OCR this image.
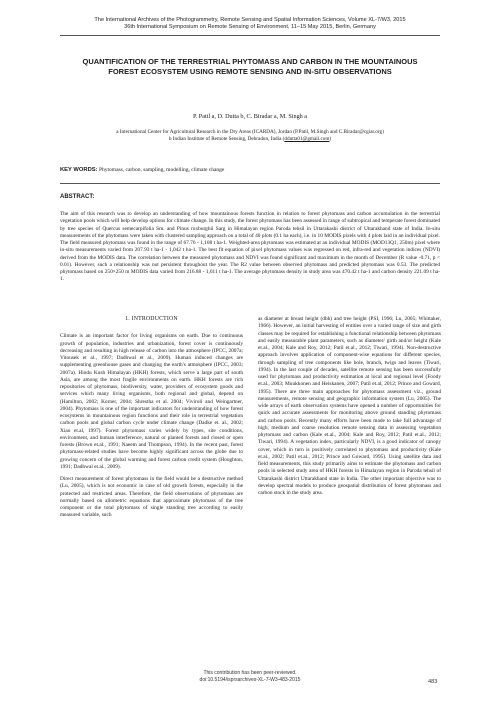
The International Archives of the Photogrammetry, Remote Sensing and Spatial Information Sciences, Volume XL-7/W3, 2015
36th International Symposium on Remote Sensing of Environment, 11–15 May 2015, Berlin, Germany
QUANTIFICATION OF THE TERRESTRIAL PHYTOMASS AND CARBON IN THE MOUNTAINOUS FOREST ECOSYSTEM USING REMOTE SENSING AND IN-SITU OBSERVATIONS
P. Patil a, D. Dutta b, C. Biradar a, M. Singh a
a International Center for Agricultural Research in the Dry Areas (ICARDA), Jordan (P.Patil, M.Singh and C.Biradar@cgiar.org)
b Indian Institute of Remote Sensing, Dehradun, India (ddutta01@gmail.com)
KEY WORDS: Phytomass, carbon, sampling, modelling, climate change
ABSTRACT:
The aim of this research was to develop an understanding of how mountainous forests function in relation to forest phytomass and carbon accumulation in the terrestrial vegetation pools which will help develop options for climate change. In this study, the forest phytomass has been assessed in range of subtropical and temperate forest dominated by tree species of Quercus semecarpifolia Sm. and Pinus roxburghii Sarg in Himalayan region Paroda tehsil in Uttarakashi district of Uttarakhand state of India. In-situ measurements of the phytomass were taken with clustered sampling approach on a total of 40 plots (0.1 ha each), i.e. in 10 MODIS pixels with 4 plots laid in an individual pixel. The field measured phytomass was found in the range of 67.76 - 1,108 t ha-1. Weighted-area phytomass was estimated at an individual MODIS (MOD13Q1, 250m) pixel where in-situ measurements varied from 207.93 t ha-1 - 1,042 t ha-1. The best fit equation of pixel phytomass values was regressed on red, infra-red and vegetation indices (NDVI) derived from the MODIS data. The correlation between the measured phytomass and NDVI was found significant and maximum in the month of December (R value -0.71, p < 0.01). However, such a relationship was not persistent throughout the year. The R2 value between observed phytomass and predicted phytomass was 0.53. The predicted phytomass based on 250×250 m MODIS data varied from 216.88 - 1,011 t ha-1. The average phytomass density in study area was 470.42 t ha-1 and carbon density 221.09 t ha-1.
1. INTRODUCTION

Climate is an important factor for living organisms on earth. Due to continuous growth of population, industries and urbanization, forest cover is continuously decreasing and resulting in high release of carbon into the atmosphere (IPCC, 2007a; Vitousek et al., 1997; Dadhwal et al., 2009). Human induced changes are supplementing greenhouse gases and changing the earth's atmosphere (IPCC, 2003; 2007a). Hindu Kush Himalayan (HKH) forests, which serve a large part of south Asia, are among the most fragile environments on earth. HKH forests are rich repositories of phytomass, biodiversity, water, providers of ecosystem goods and services which many living organisms, both regional and global, depend on (Hamilton, 2002; Korner, 2004; Shrestha et al. 2004; Viviroli and Weingartner, 2004). Phytomass is one of the important indicators for understanding of how forest ecosystems in mountainous region functions and their role in terrestrial vegetation carbon pools and global carbon cycle under climate change (Dadke et. al., 2002; Xiao et.al, 1997). Forest phytomass varies widely by types, site conditions, environment, and human interference, natural or planted forests and closed or open forests (Brown et.al., 1991; Naeem and Thompson, 1994). In the recent past, forest phytomass-related studies have become highly significant across the globe due to growing concern of the global warming and forest carbon credit system (Houghton, 1991; Dadhwal et.al., 2009).

Direct measurement of forest phytomass in the field would be a destructive method (Lu, 2005), which is not economic in case of old growth forests, especially in the protected and restricted areas. Therefore, the field observations of phytomass are normally based on allometric equations that approximate phytomass of the tree component or the total phytomass of single standing tree according to easily measured variable, such

as diameter at breast height (dbh) and tree height (PSI, 1996; Lu, 2005; Whittaker, 1966). However, an initial harvesting of entities over a varied range of size and girth classes may be required for establishing a functional relationship between phytomass and easily measurable plant parameters, such as diameter/ girth and/or height (Kale et.al., 2004; Kale and Roy, 2012; Patil et.al., 2012; Tiwari, 1994). Non-destructive approach involves application of component-wise equations for different species, through sampling of tree components like bole, branch, twigs and leaves (Tiwari, 1994). In the last couple of decades, satellite remote sensing has been successfully used for phytomass and productivity estimation at local and regional level (Foody et.al., 2003; Muukkonen and Heiskanen, 2007; Patil et.al, 2012; Prince and Goward, 1995). There are three main approaches for phytomass assessment viz., ground measurements, remote sensing and geographic information system (Lu, 2005). The wide arrays of earth observation systems have opened a number of opportunities for quick and accurate assessments for monitoring above ground standing phytomass and carbon pools. Recently many efforts have been made to take full advantage of high, medium and coarse resolution remote sensing data in assessing vegetation phytomass and carbon (Kale et.al., 2004; Kale and Roy, 2012; Patil et.al., 2012; Tiwari, 1994). A vegetation index, particularly NDVI, is a good indicator of canopy cover, which in turn is positively correlated to phytomass and productivity (Kale et.al., 2002; Patil et.al., 2012; Prince and Goward, 1995). Using satellite data and field measurements, this study primarily aims to estimate the phytomass and carbon pools in selected study area of HKH forests in Himalayan region in Paroda tehsil of Uttarakashi district Uttarakhand state in India. The other important objective was to develop spectral models to produce geospatial distribution of forest phytomass and carbon stock in the study area.

This contribution has been peer-reviewed.
doi:10.5194/isprsarchives-XL-7-W3-483-2015	483
